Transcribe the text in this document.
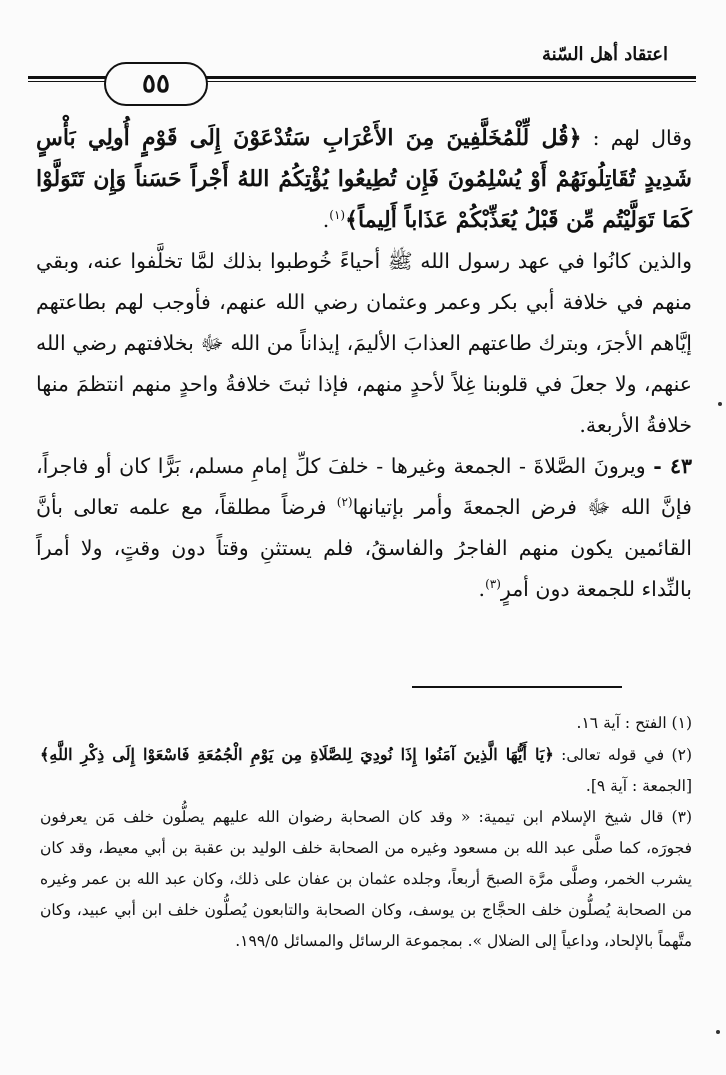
اعتقاد أهل السّنة
٥٥

وقال لهم : ﴿قُل لِّلْمُخَلَّفِينَ مِنَ الأَعْرَابِ سَتُدْعَوْنَ إِلَى قَوْمٍ أُولِي بَأْسٍ شَدِيدٍ تُقَاتِلُونَهُمْ أَوْ يُسْلِمُونَ فَإِن تُطِيعُوا يُؤْتِكُمُ اللهُ أَجْراً حَسَناً وَإِن تَتَوَلَّوْا كَمَا تَوَلَّيْتُم مِّن قَبْلُ يُعَذِّبْكُمْ عَذَاباً أَلِيماً﴾$^{(١)}$.

والذين كانُوا في عهد رسول الله ﷺ أحياءً خُوطبوا بذلك لمَّا تخلَّفوا عنه، وبقي منهم في خلافة أبي بكر وعمر وعثمان رضي الله عنهم، فأوجب لهم بطاعتهم إيَّاهم الأجرَ، وبترك طاعتهم العذابَ الأليمَ، إيذاناً من الله ﷻ بخلافتهم رضي الله عنهم، ولا جعلَ في قلوبنا غِلاً لأحدٍ منهم، فإذا ثبتَ خلافةُ واحدٍ منهم انتظمَ منها خلافةُ الأربعة.

٤٣ - ويرونَ الصَّلاةَ - الجمعة وغيرها - خلفَ كلِّ إمامِ مسلم، بَرًّا كان أو فاجراً، فإنَّ الله ﷻ فرض الجمعةَ وأمر بإتيانها$^{(٢)}$ فرضاً مطلقاً، مع علمه تعالى بأنَّ القائمين يكون منهم الفاجرُ والفاسقُ، فلم يستثنِ وقتاً دون وقتٍ، ولا أمراً بالنِّداء للجمعة دون أمرٍ$^{(٣)}$.

(١) الفتح : آية ١٦.

(٢) في قوله تعالى: ﴿يَا أَيُّهَا الَّذِينَ آمَنُوا إِذَا نُودِيَ لِلصَّلَاةِ مِن يَوْمِ الْجُمُعَةِ فَاسْعَوْا إِلَى ذِكْرِ اللَّهِ﴾ [الجمعة : آية ٩].

(٣) قال شيخ الإسلام ابن تيمية: « وقد كان الصحابة رضوان الله عليهم يصلُّون خلف مَن يعرفون فجورَه، كما صلَّى عبد الله بن مسعود وغيره من الصحابة خلف الوليد بن عقبة بن أبي معيط، وقد كان يشرب الخمر، وصلَّى مرَّة الصبحَ أربعاً، وجلده عثمان بن عفان على ذلك، وكان عبد الله بن عمر وغيره من الصحابة يُصلُّون خلف الحجَّاج بن يوسف، وكان الصحابة والتابعون يُصلُّون خلف ابن أبي عبيد، وكان متَّهماً بالإلحاد، وداعياً إلى الضلال ». بمجموعة الرسائل والمسائل ١٩٩/٥.
